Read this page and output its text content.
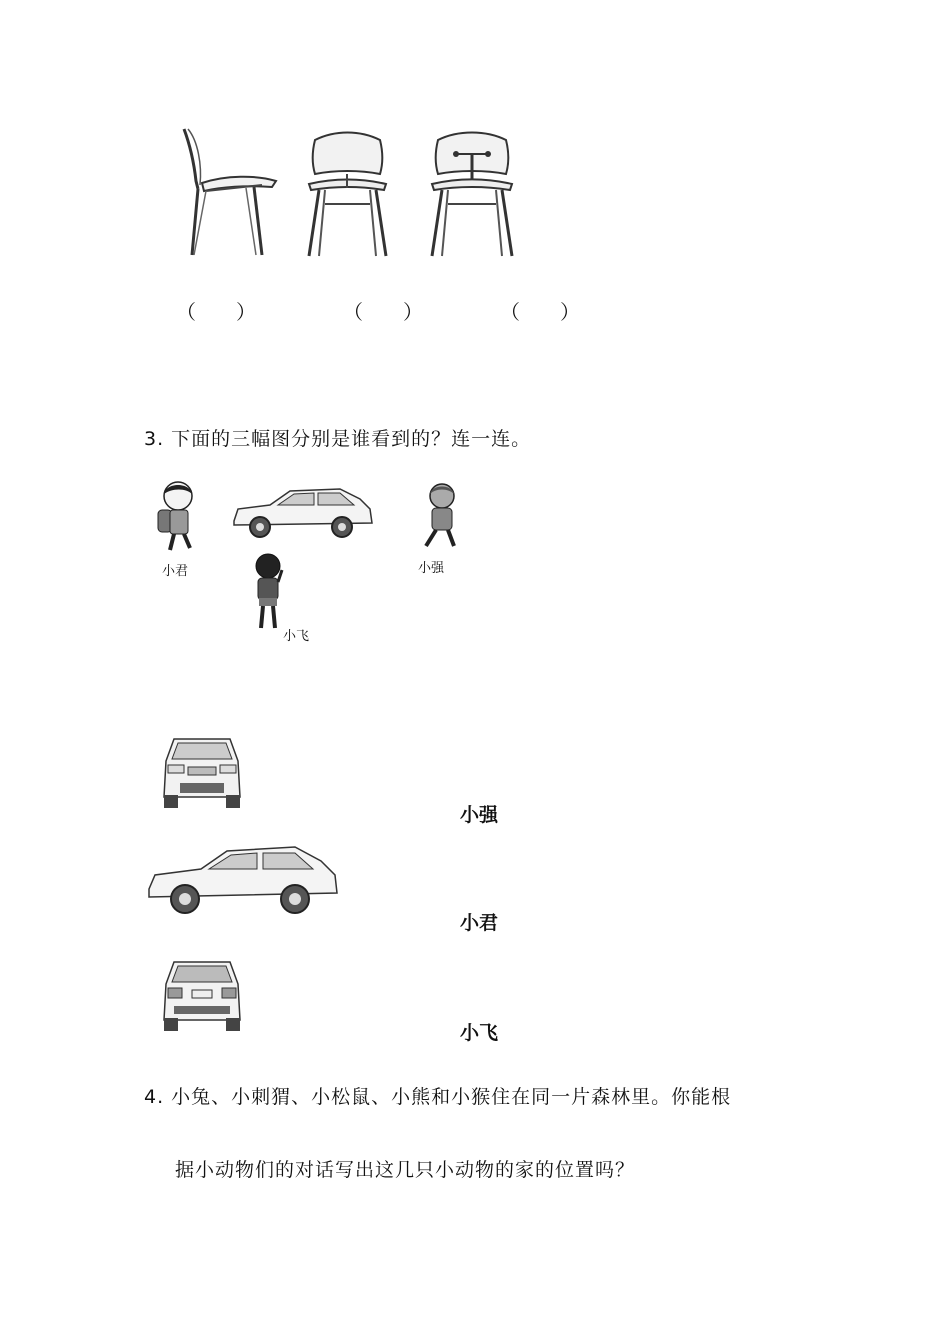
（　　）	（　　）	（　　）
3. 下面的三幅图分别是谁看到的？连一连。
小君	小强
小飞
小强
小君
小飞
4. 小兔、小刺猬、小松鼠、小熊和小猴住在同一片森林里。你能根
据小动物们的对话写出这几只小动物的家的位置吗？
